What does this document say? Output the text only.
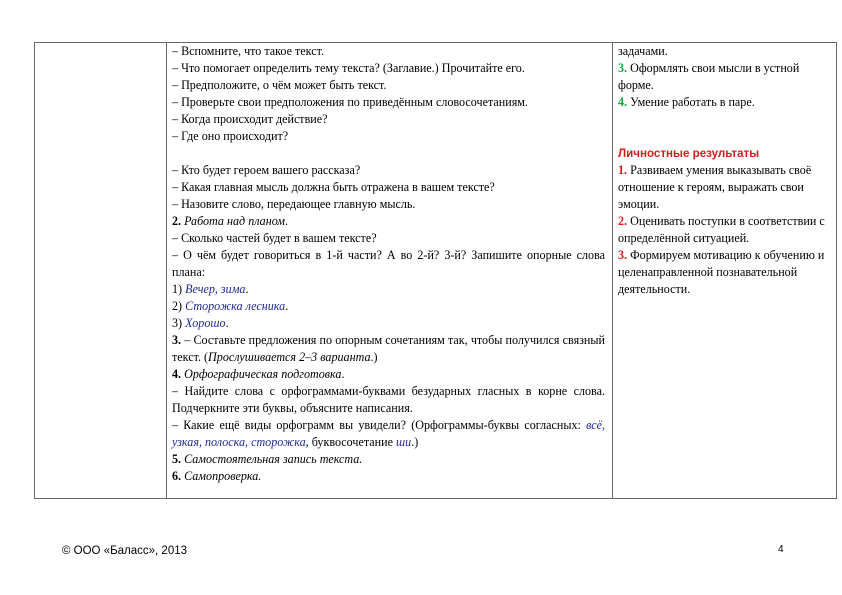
– Вспомните, что такое текст.
– Что помогает определить тему текста? (Заглавие.) Прочитайте его.
– Предположите, о чём может быть текст.
– Проверьте свои предположения по приведённым словосочетаниям.
– Когда происходит действие?
– Где оно происходит?
– Кто будет героем вашего рассказа?
– Какая главная мысль должна быть отражена в вашем тексте?
– Назовите слово, передающее главную мысль.
2. Работа над планом.
– Сколько частей будет в вашем тексте?
– О чём будет говориться в 1-й части? А во 2-й? 3-й? Запишите опорные слова плана:
1) Вечер, зима.
2) Сторожка лесника.
3) Хорошо.
3. – Составьте предложения по опорным сочетаниям так, чтобы получился связный текст. (Прослушивается 2–3 варианта.)
4. Орфографическая подготовка.
– Найдите слова с орфограммами-буквами безударных гласных в корне слова. Подчеркните эти буквы, объясните написания.
– Какие ещё виды орфограмм вы увидели? (Орфограммы-буквы согласных: всё, узкая, полоска, сторожка, буквосочетание ши.)
5. Самостоятельная запись текста.
6. Самопроверка.
задачами.
3. Оформлять свои мысли в устной форме.
4. Умение работать в паре.
Личностные результаты
1. Развиваем умения выказывать своё отношение к героям, выражать свои эмоции.
2. Оценивать поступки в соответствии с определённой ситуацией.
3. Формируем мотивацию к обучению и целенаправленной познавательной деятельности.
© ООО «Баласс», 2013	4
